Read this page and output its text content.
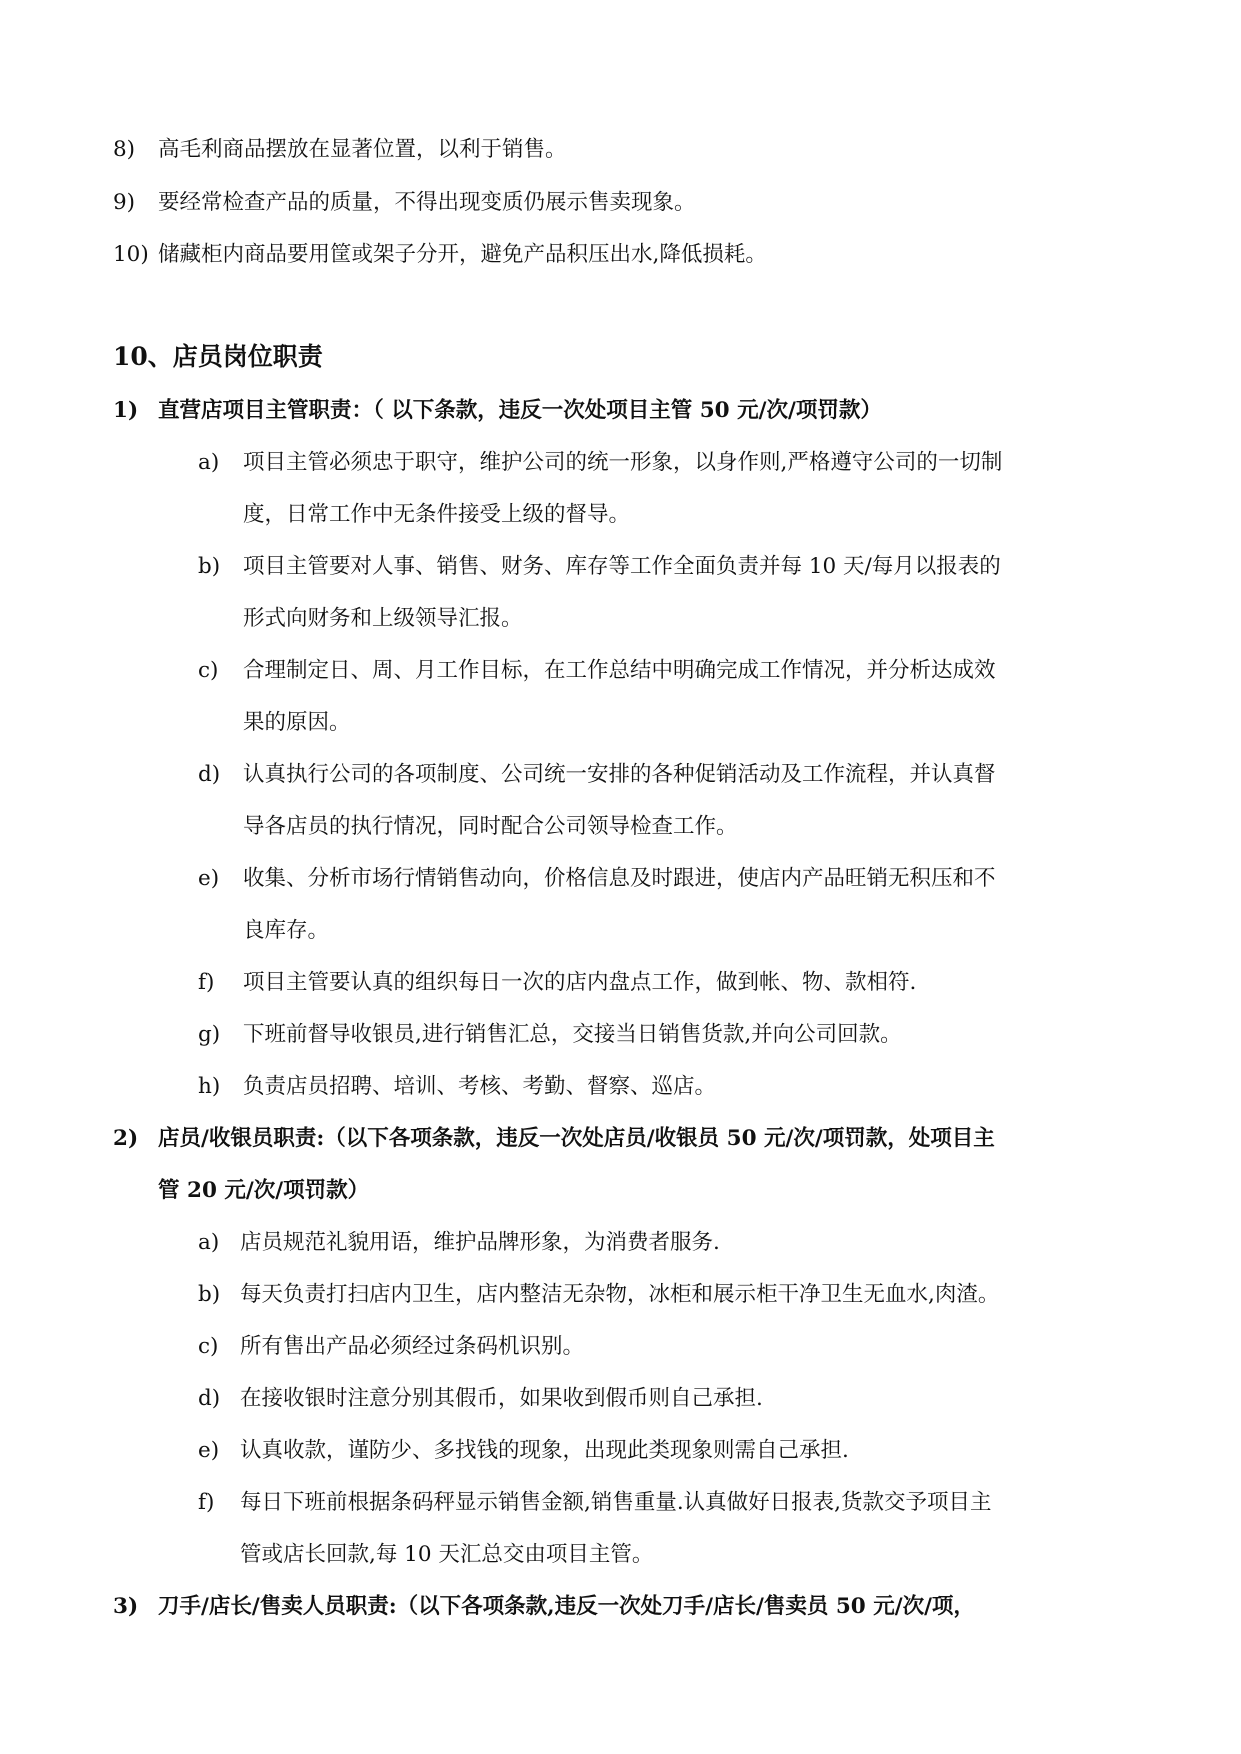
8) 高毛利商品摆放在显著位置，以利于销售。
9) 要经常检查产品的质量，不得出现变质仍展示售卖现象。
10) 储藏柜内商品要用筐或架子分开，避免产品积压出水,降低损耗。
10、店员岗位职责
1) 直营店项目主管职责：（ 以下条款，违反一次处项目主管 50 元/次/项罚款）
a) 项目主管必须忠于职守，维护公司的统一形象，以身作则,严格遵守公司的一切制
度，日常工作中无条件接受上级的督导。
b) 项目主管要对人事、销售、财务、库存等工作全面负责并每 10 天/每月以报表的
形式向财务和上级领导汇报。
c) 合理制定日、周、月工作目标，在工作总结中明确完成工作情况，并分析达成效
果的原因。
d) 认真执行公司的各项制度、公司统一安排的各种促销活动及工作流程，并认真督
导各店员的执行情况，同时配合公司领导检查工作。
e) 收集、分析市场行情销售动向，价格信息及时跟进，使店内产品旺销无积压和不
良库存。
f) 项目主管要认真的组织每日一次的店内盘点工作，做到帐、物、款相符.
g) 下班前督导收银员,进行销售汇总，交接当日销售货款,并向公司回款。
h) 负责店员招聘、培训、考核、考勤、督察、巡店。
2) 店员/收银员职责:（以下各项条款，违反一次处店员/收银员 50 元/次/项罚款，处项目主
管 20 元/次/项罚款）
a) 店员规范礼貌用语，维护品牌形象，为消费者服务.
b) 每天负责打扫店内卫生，店内整洁无杂物，冰柜和展示柜干净卫生无血水,肉渣。
c) 所有售出产品必须经过条码机识别。
d) 在接收银时注意分别其假币，如果收到假币则自己承担.
e) 认真收款，谨防少、多找钱的现象，出现此类现象则需自己承担.
f) 每日下班前根据条码秤显示销售金额,销售重量.认真做好日报表,货款交予项目主
管或店长回款,每 10 天汇总交由项目主管。
3) 刀手/店长/售卖人员职责:（以下各项条款,违反一次处刀手/店长/售卖员 50 元/次/项，
